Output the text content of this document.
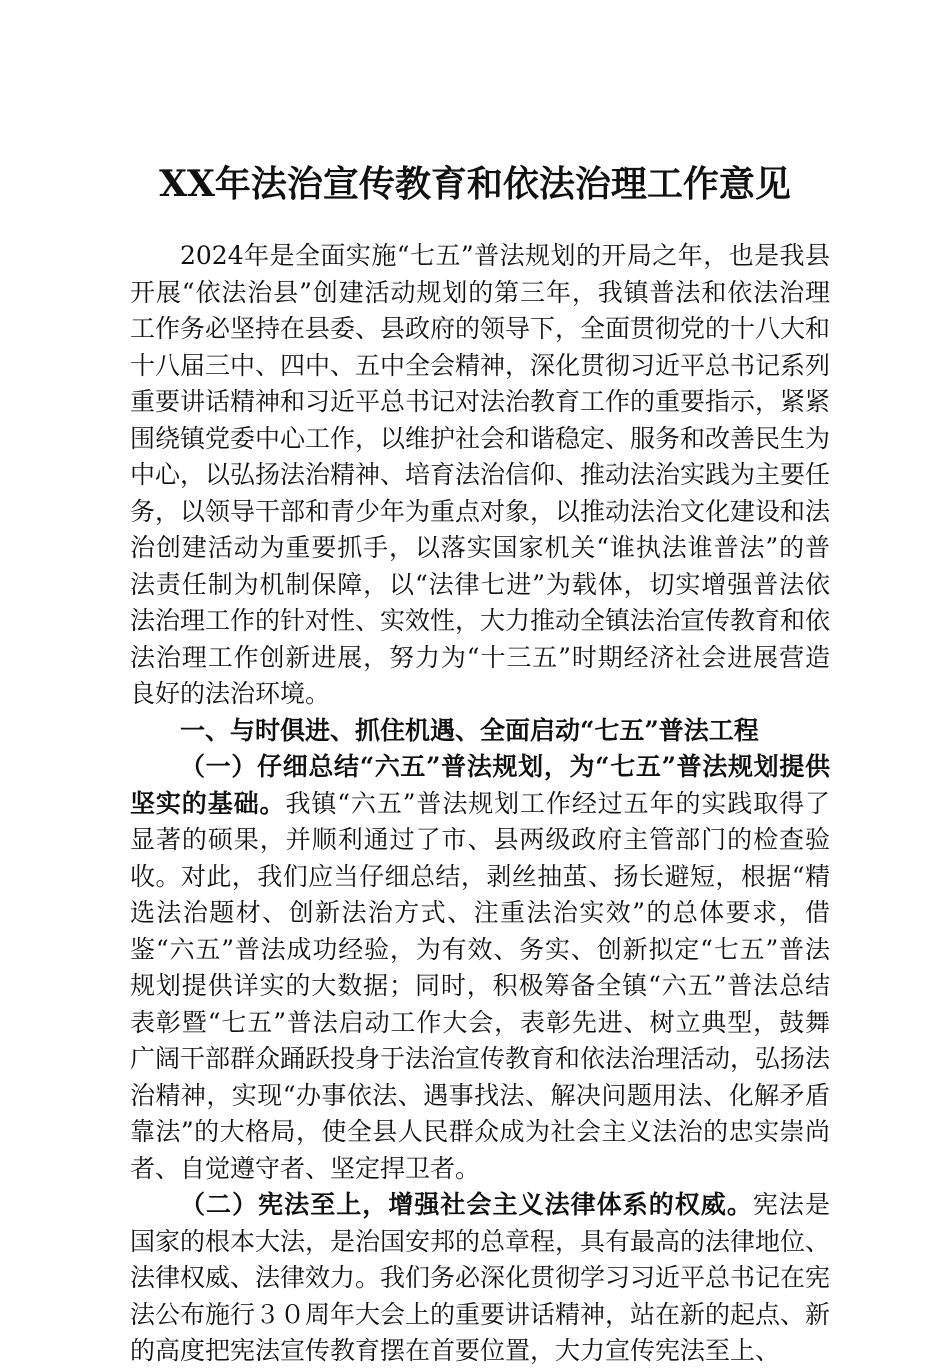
XX年法治宣传教育和依法治理工作意见

2024年是全面实施“七五”普法规划的开局之年，也是我县开展“依法治县”创建活动规划的第三年，我镇普法和依法治理工作务必坚持在县委、县政府的领导下，全面贯彻党的十八大和十八届三中、四中、五中全会精神，深化贯彻习近平总书记系列重要讲话精神和习近平总书记对法治教育工作的重要指示，紧紧围绕镇党委中心工作，以维护社会和谐稳定、服务和改善民生为中心，以弘扬法治精神、培育法治信仰、推动法治实践为主要任务，以领导干部和青少年为重点对象，以推动法治文化建设和法治创建活动为重要抓手，以落实国家机关“谁执法谁普法”的普法责任制为机制保障，以“法律七进”为载体，切实增强普法依法治理工作的针对性、实效性，大力推动全镇法治宣传教育和依法治理工作创新进展，努力为“十三五”时期经济社会进展营造良好的法治环境。

一、与时俱进、抓住机遇、全面启动“七五”普法工程

（一）仔细总结“六五”普法规划，为“七五”普法规划提供坚实的基础。我镇“六五”普法规划工作经过五年的实践取得了显著的硕果，并顺利通过了市、县两级政府主管部门的检查验收。对此，我们应当仔细总结，剥丝抽茧、扬长避短，根据“精选法治题材、创新法治方式、注重法治实效”的总体要求，借鉴“六五”普法成功经验，为有效、务实、创新拟定“七五”普法规划提供详实的大数据；同时，积极筹备全镇“六五”普法总结表彰暨“七五”普法启动工作大会，表彰先进、树立典型，鼓舞广阔干部群众踊跃投身于法治宣传教育和依法治理活动，弘扬法治精神，实现“办事依法、遇事找法、解决问题用法、化解矛盾靠法”的大格局，使全县人民群众成为社会主义法治的忠实崇尚者、自觉遵守者、坚定捍卫者。

（二）宪法至上，增强社会主义法律体系的权威。宪法是国家的根本大法，是治国安邦的总章程，具有最高的法律地位、法律权威、法律效力。我们务必深化贯彻学习习近平总书记在宪法公布施行３０周年大会上的重要讲话精神，站在新的起点、新的高度把宪法宣传教育摆在首要位置，大力宣传宪法至上、
